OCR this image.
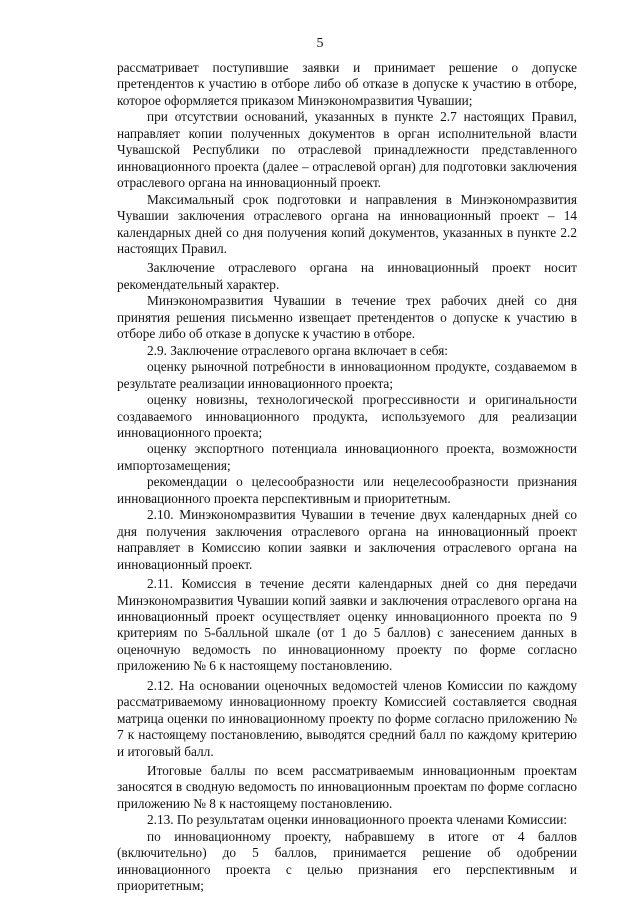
5

рассматривает поступившие заявки и принимает решение о допуске претендентов к участию в отборе либо об отказе в допуске к участию в отборе, которое оформляется приказом Минэкономразвития Чувашии;

при отсутствии оснований, указанных в пункте 2.7 настоящих Правил, направляет копии полученных документов в орган исполнительной власти Чувашской Республики по отраслевой принадлежности представленного инновационного проекта (далее – отраслевой орган) для подготовки заключения отраслевого органа на инновационный проект.

Максимальный срок подготовки и направления в Минэкономразвития Чувашии заключения отраслевого органа на инновационный проект – 14 календарных дней со дня получения копий документов, указанных в пункте 2.2 настоящих Правил.

Заключение отраслевого органа на инновационный проект носит рекомендательный характер.

Минэкономразвития Чувашии в течение трех рабочих дней со дня принятия решения письменно извещает претендентов о допуске к участию в отборе либо об отказе в допуске к участию в отборе.

2.9. Заключение отраслевого органа включает в себя:

оценку рыночной потребности в инновационном продукте, создаваемом в результате реализации инновационного проекта;

оценку новизны, технологической прогрессивности и оригинальности создаваемого инновационного продукта, используемого для реализации инновационного проекта;

оценку экспортного потенциала инновационного проекта, возможности импортозамещения;

рекомендации о целесообразности или нецелесообразности признания инновационного проекта перспективным и приоритетным.

2.10. Минэкономразвития Чувашии в течение двух календарных дней со дня получения заключения отраслевого органа на инновационный проект направляет в Комиссию копии заявки и заключения отраслевого органа на инновационный проект.

2.11. Комиссия в течение десяти календарных дней со дня передачи Минэкономразвития Чувашии копий заявки и заключения отраслевого органа на инновационный проект осуществляет оценку инновационного проекта по 9 критериям по 5-балльной шкале (от 1 до 5 баллов) с занесением данных в оценочную ведомость по инновационному проекту по форме согласно приложению № 6 к настоящему постановлению.

2.12. На основании оценочных ведомостей членов Комиссии по каждому рассматриваемому инновационному проекту Комиссией составляется сводная матрица оценки по инновационному проекту по форме согласно приложению № 7 к настоящему постановлению, выводятся средний балл по каждому критерию и итоговый балл.

Итоговые баллы по всем рассматриваемым инновационным проектам заносятся в сводную ведомость по инновационным проектам по форме согласно приложению № 8 к настоящему постановлению.

2.13. По результатам оценки инновационного проекта членами Комиссии:

по инновационному проекту, набравшему в итоге от 4 баллов (включительно) до 5 баллов, принимается решение об одобрении инновационного проекта с целью признания его перспективным и приоритетным;
